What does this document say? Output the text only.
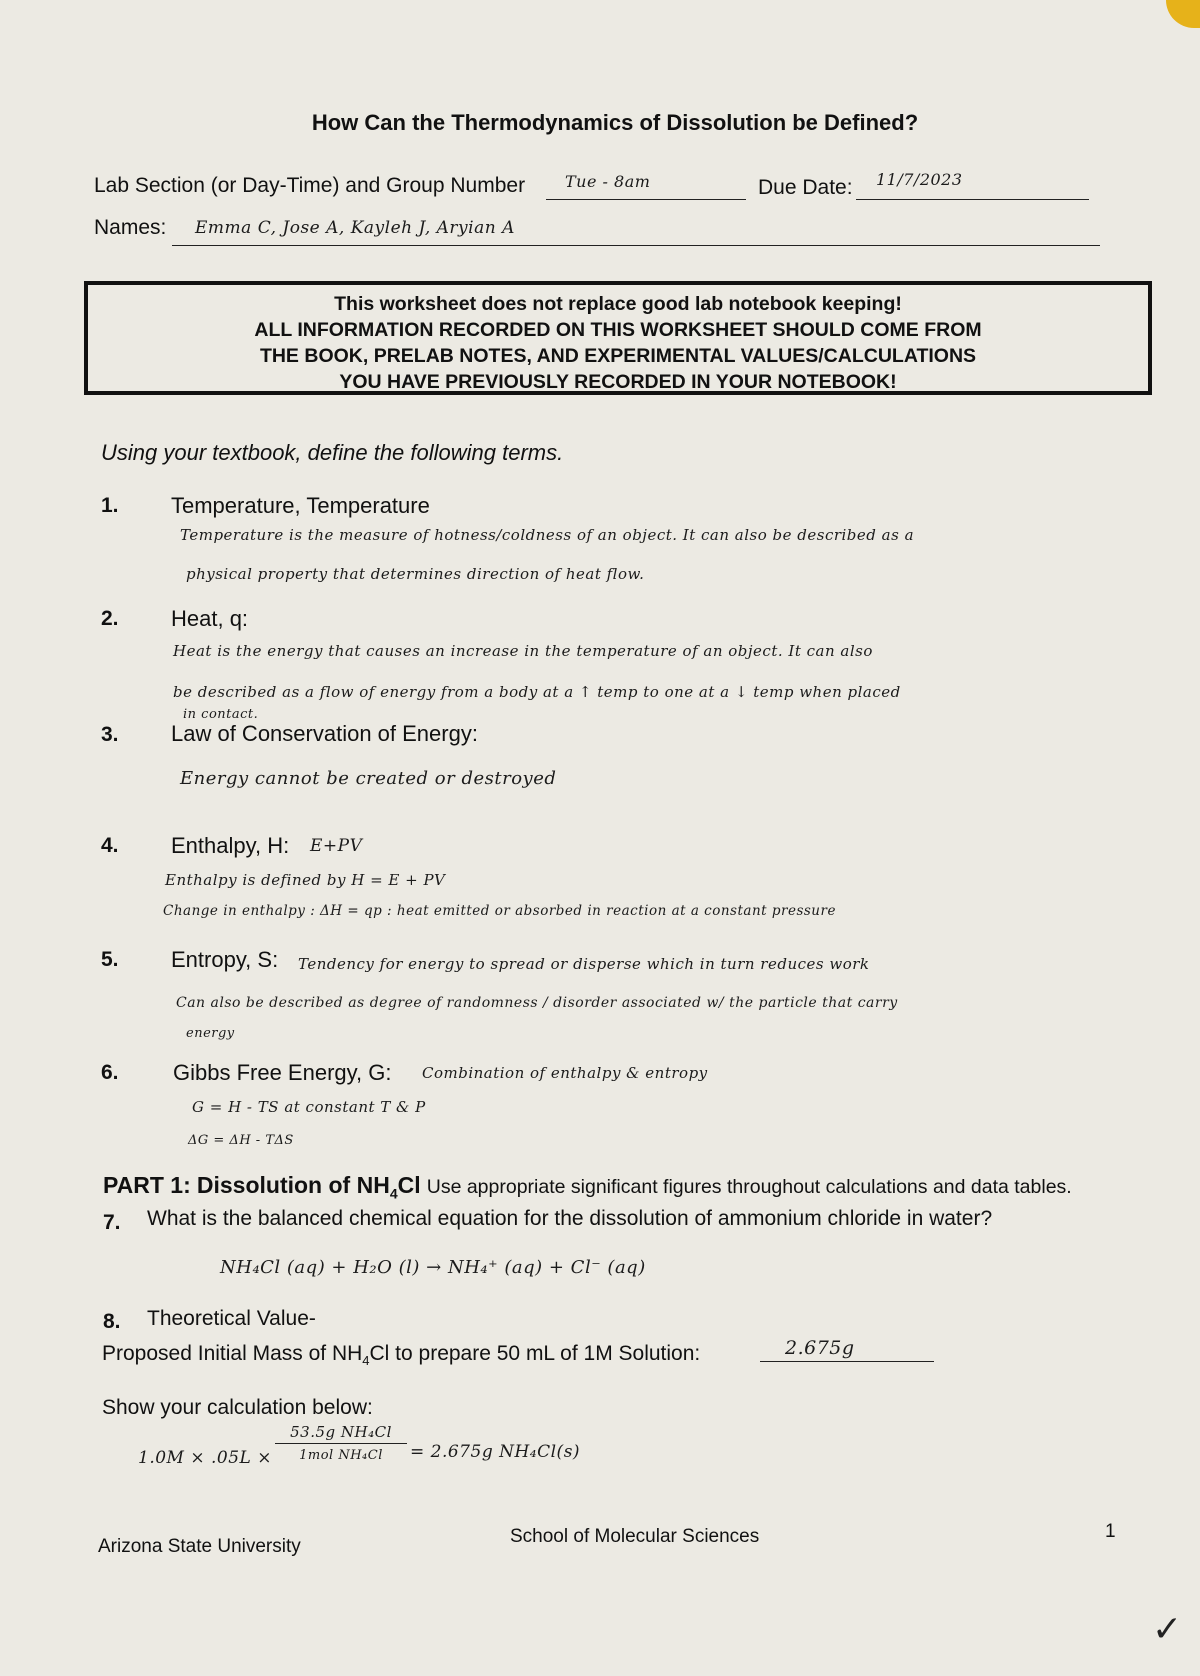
How Can the Thermodynamics of Dissolution be Defined?
Lab Section (or Day-Time) and Group Number Tue - 8am	Due Date: 11/7/2023
Names: Emma C, Jose A, Kayleh J, Aryian A
This worksheet does not replace good lab notebook keeping!
ALL INFORMATION RECORDED ON THIS WORKSHEET SHOULD COME FROM
THE BOOK, PRELAB NOTES, AND EXPERIMENTAL VALUES/CALCULATIONS
YOU HAVE PREVIOUSLY RECORDED IN YOUR NOTEBOOK!
Using your textbook, define the following terms.
1. Temperature, Temperature
Temperature is the measure of hotness/coldness of an object. It can also be described as a
physical property that determines direction of heat flow.
2. Heat, q:
Heat is the energy that causes an increase in the temperature of an object. It can also
be described as a flow of energy from a body at a ↑ temp to one at a ↓ temp when placed
in contact.
3. Law of Conservation of Energy:
Energy cannot be created or destroyed
4. Enthalpy, H: E+PV
Enthalpy is defined by H = E + PV
Change in enthalpy : ΔH = qp : heat emitted or absorbed in reaction at a constant pressure
5. Entropy, S: Tendency for energy to spread or disperse which in turn reduces work
Can also be described as degree of randomness / disorder associated w/ the particle that carry
energy
6. Gibbs Free Energy, G: Combination of enthalpy & entropy
G = H - TS at constant T & P
ΔG = ΔH - TΔS
PART 1: Dissolution of $NH_4Cl$ Use appropriate significant figures throughout calculations and data tables.
7. What is the balanced chemical equation for the dissolution of ammonium chloride in water?
NH₄Cl (aq) + H₂O (l) → NH₄⁺ (aq) + Cl⁻ (aq)
8. Theoretical Value-
Proposed Initial Mass of $NH_4Cl$ to prepare 50 mL of 1M Solution:	2.675g
Show your calculation below:
1.0M × .05L ×
53.5g NH₄Cl
1mol NH₄Cl	= 2.675g NH₄Cl(s)
Arizona State University	School of Molecular Sciences	1
✓
